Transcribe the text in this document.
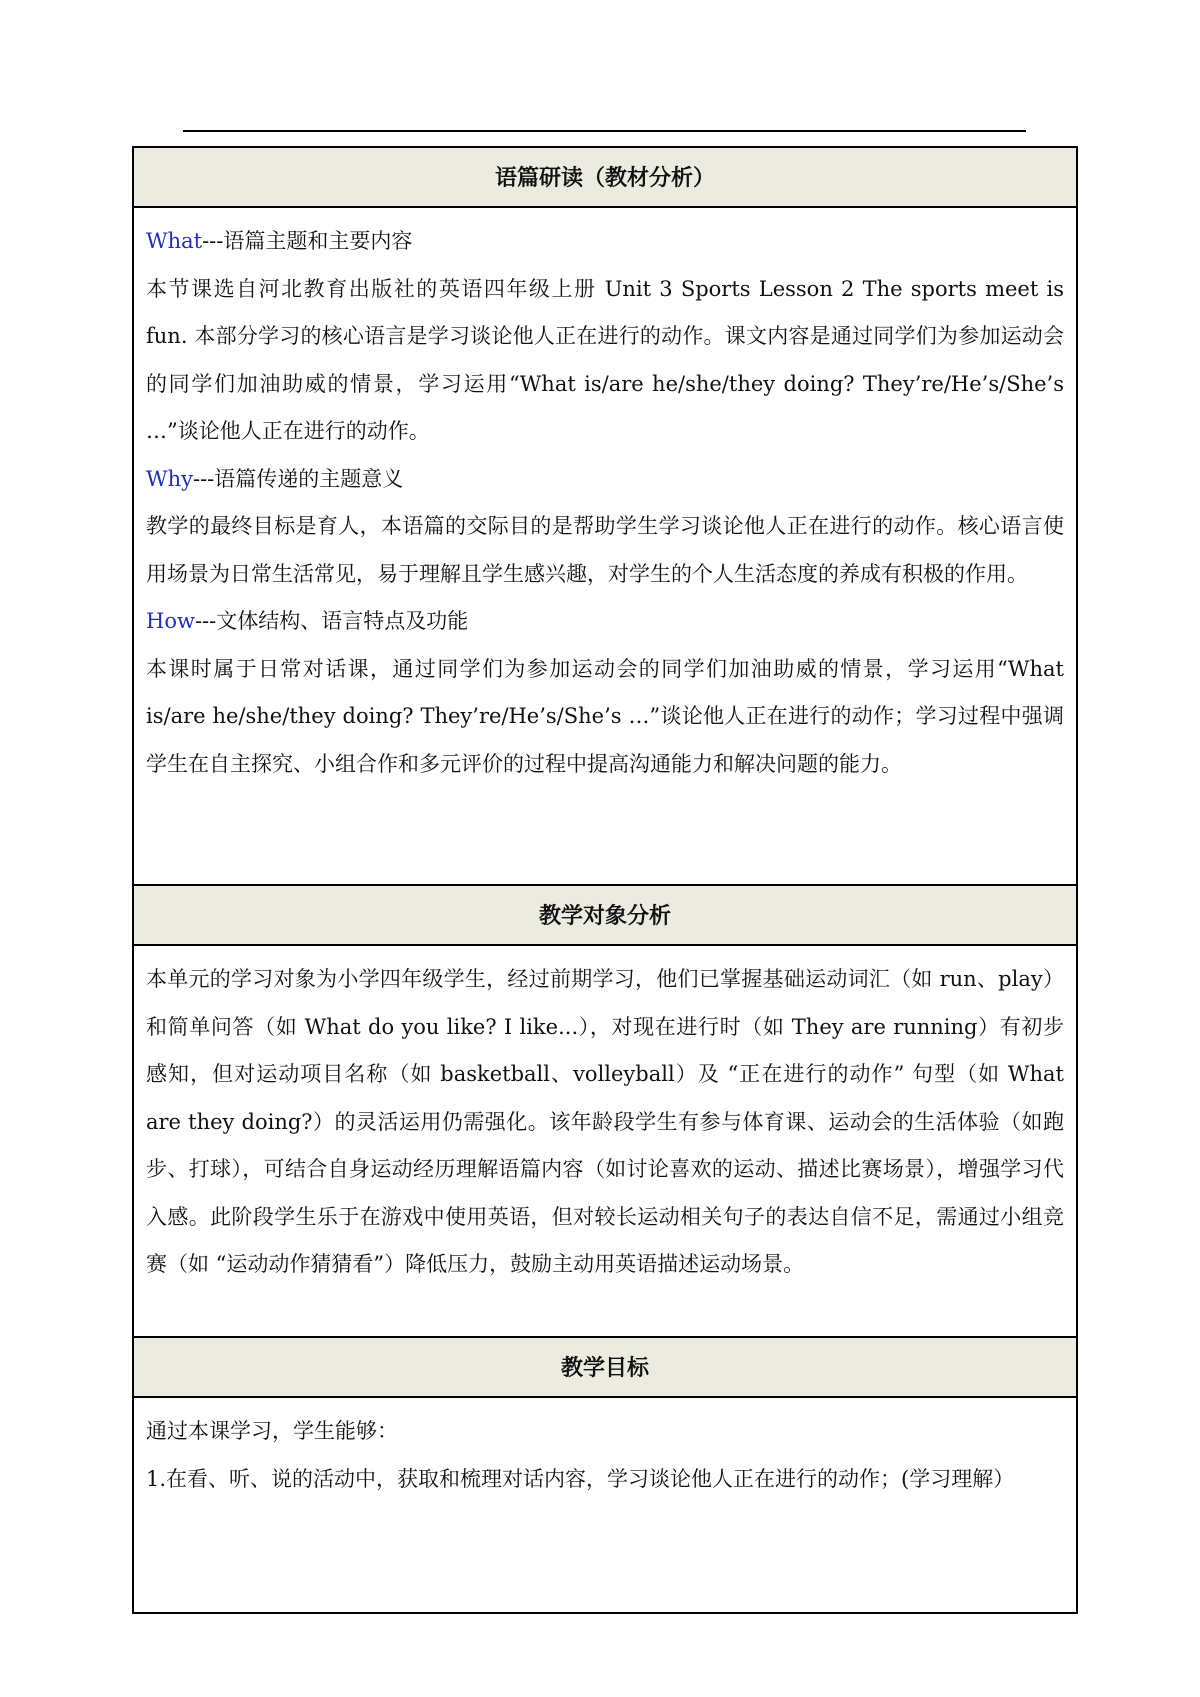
语篇研读（教材分析）

What---语篇主题和主要内容

本节课选自河北教育出版社的英语四年级上册 Unit 3 Sports Lesson 2 The sports meet is fun. 本部分学习的核心语言是学习谈论他人正在进行的动作。课文内容是通过同学们为参加运动会的同学们加油助威的情景，学习运用“What is/are he/she/they doing? They’re/He’s/She’s …”谈论他人正在进行的动作。

Why---语篇传递的主题意义

教学的最终目标是育人，本语篇的交际目的是帮助学生学习谈论他人正在进行的动作。核心语言使用场景为日常生活常见，易于理解且学生感兴趣，对学生的个人生活态度的养成有积极的作用。

How---文体结构、语言特点及功能

本课时属于日常对话课，通过同学们为参加运动会的同学们加油助威的情景，学习运用“What is/are he/she/they doing? They’re/He’s/She’s …”谈论他人正在进行的动作；学习过程中强调学生在自主探究、小组合作和多元评价的过程中提高沟通能力和解决问题的能力。

教学对象分析

本单元的学习对象为小学四年级学生，经过前期学习，他们已掌握基础运动词汇（如 run、play）和简单问答（如 What do you like? I like...），对现在进行时（如 They are running）有初步感知，但对运动项目名称（如 basketball、volleyball）及 “正在进行的动作” 句型（如 What are they doing?）的灵活运用仍需强化。该年龄段学生有参与体育课、运动会的生活体验（如跑步、打球），可结合自身运动经历理解语篇内容（如讨论喜欢的运动、描述比赛场景），增强学习代入感。此阶段学生乐于在游戏中使用英语，但对较长运动相关句子的表达自信不足，需通过小组竞赛（如 “运动动作猜猜看”）降低压力，鼓励主动用英语描述运动场景。

教学目标

通过本课学习，学生能够：

1.在看、听、说的活动中，获取和梳理对话内容，学习谈论他人正在进行的动作；(学习理解）
